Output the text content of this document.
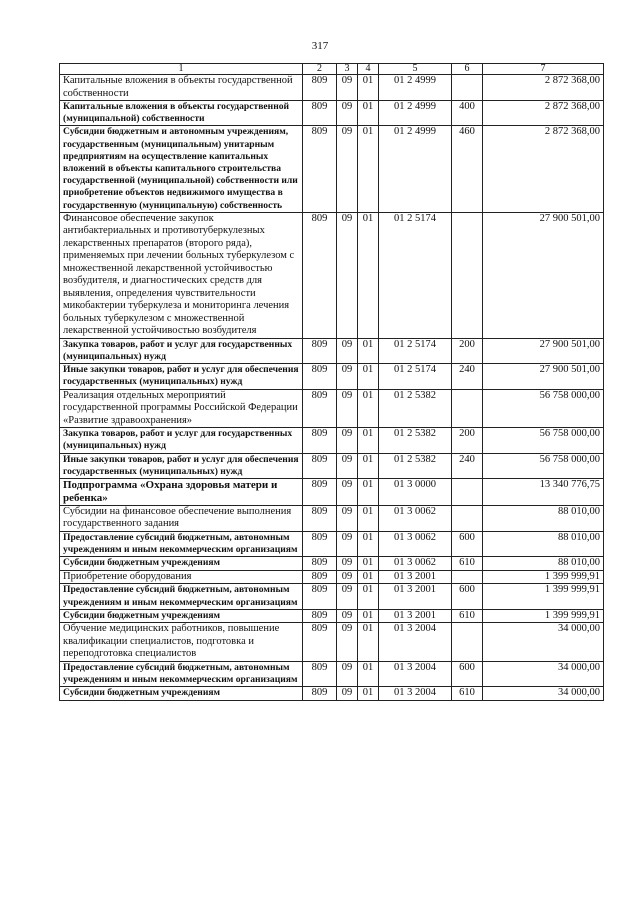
317
1	2	3	4	5	6	7
Капитальные вложения в объекты государственной собственности	809	09	01	01 2 4999		2 872 368,00
Капитальные вложения в объекты государственной (муниципальной) собственности	809	09	01	01 2 4999	400	2 872 368,00
Субсидии бюджетным и автономным учреждениям, государственным (муниципальным) унитарным предприятиям на осуществление капитальных вложений в объекты капитального строительства государственной (муниципальной) собственности или приобретение объектов недвижимого имущества в государственную (муниципальную) собственность	809	09	01	01 2 4999	460	2 872 368,00
Финансовое обеспечение закупок антибактериальных и противотуберкулезных лекарственных препаратов (второго ряда), применяемых при лечении больных туберкулезом с множественной лекарственной устойчивостью возбудителя, и диагностических средств для выявления, определения чувствительности микобактерии туберкулеза и мониторинга лечения больных туберкулезом с множественной лекарственной устойчивостью возбудителя	809	09	01	01 2 5174		27 900 501,00
Закупка товаров, работ и услуг для государственных (муниципальных) нужд	809	09	01	01 2 5174	200	27 900 501,00
Иные закупки товаров, работ и услуг для обеспечения государственных (муниципальных) нужд	809	09	01	01 2 5174	240	27 900 501,00
Реализация отдельных мероприятий государственной программы Российской Федерации «Развитие здравоохранения»	809	09	01	01 2 5382		56 758 000,00
Закупка товаров, работ и услуг для государственных (муниципальных) нужд	809	09	01	01 2 5382	200	56 758 000,00
Иные закупки товаров, работ и услуг для обеспечения государственных (муниципальных) нужд	809	09	01	01 2 5382	240	56 758 000,00
Подпрограмма «Охрана здоровья матери и ребенка»	809	09	01	01 3 0000		13 340 776,75
Субсидии на финансовое обеспечение выполнения государственного задания	809	09	01	01 3 0062		88 010,00
Предоставление субсидий бюджетным, автономным учреждениям и иным некоммерческим организациям	809	09	01	01 3 0062	600	88 010,00
Субсидии бюджетным учреждениям	809	09	01	01 3 0062	610	88 010,00
Приобретение оборудования	809	09	01	01 3 2001		1 399 999,91
Предоставление субсидий бюджетным, автономным учреждениям и иным некоммерческим организациям	809	09	01	01 3 2001	600	1 399 999,91
Субсидии бюджетным учреждениям	809	09	01	01 3 2001	610	1 399 999,91
Обучение медицинских работников, повышение квалификации специалистов, подготовка и переподготовка специалистов	809	09	01	01 3 2004		34 000,00
Предоставление субсидий бюджетным, автономным учреждениям и иным некоммерческим организациям	809	09	01	01 3 2004	600	34 000,00
Субсидии бюджетным учреждениям	809	09	01	01 3 2004	610	34 000,00
